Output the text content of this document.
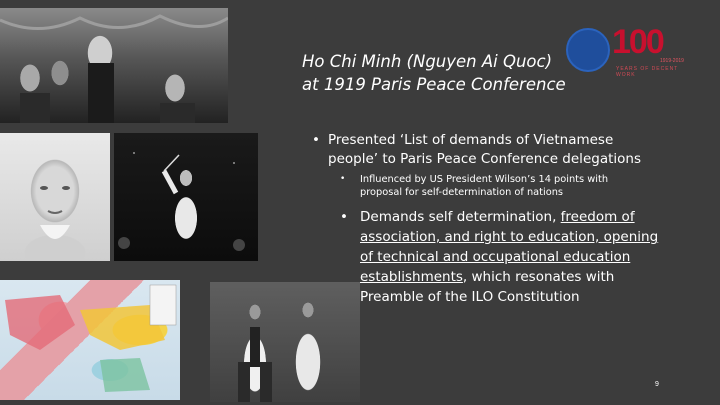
100
1919-2019
YEARS OF DECENT WORK
Ho Chi Minh (Nguyen Ai Quoc)
at 1919 Paris Peace Conference
• Presented ‘List of demands of Vietnamese
people’ to Paris Peace Conference delegations
• Influenced by US President Wilson’s 14 points with
proposal for self-determination of nations
• Demands self determination, freedom of
association, and right to education, opening
of technical and occupational education
establishments, which resonates with
Preamble of the ILO Constitution
9
